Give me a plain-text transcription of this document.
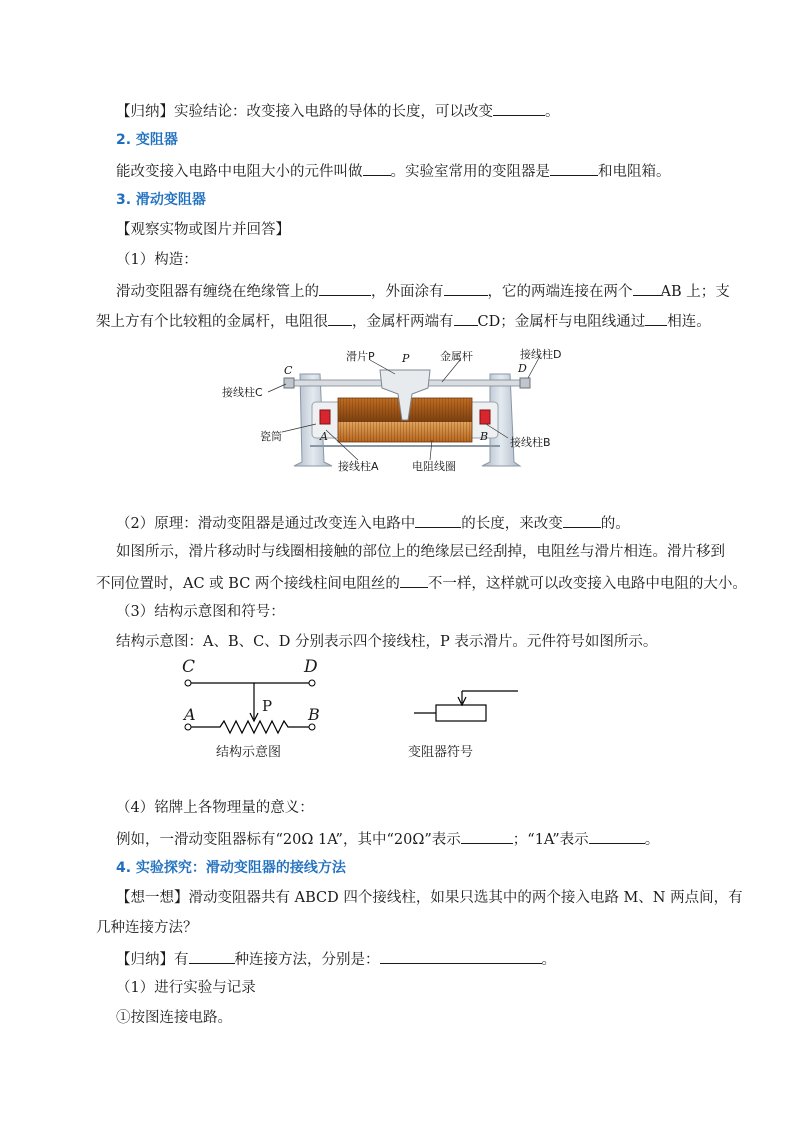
【归纳】实验结论：改变接入电路的导体的长度，可以改变	。
2. 变阻器
能改变接入电路中电阻大小的元件叫做 。实验室常用的变阻器是	和电阻箱。
3. 滑动变阻器
【观察实物或图片并回答】
（1）构造：
滑动变阻器有缠绕在绝缘管上的	，外面涂有	，它的两端连接在两个 AB 上；支
架上方有个比较粗的金属杆，电阻很 ，金属杆两端有 CD；金属杆与电阻线通过 相连。
滑片P P	金属杆	接线柱D
D
C
接线柱C
瓷筒	A	B 接线柱B
接线柱A	电阻线圈
（2）原理：滑动变阻器是通过改变连入电路中	的长度，来改变	的。
如图所示，滑片移动时与线圈相接触的部位上的绝缘层已经刮掉，电阻丝与滑片相连。滑片移到
不同位置时，AC 或 BC 两个接线柱间电阻丝的 不一样，这样就可以改变接入电路中电阻的大小。
（3）结构示意图和符号：
结构示意图：A、B、C、D 分别表示四个接线柱，P 表示滑片。元件符号如图所示。
C	D
P
A	B
结构示意图	变阻器符号
（4）铭牌上各物理量的意义：
例如，一滑动变阻器标有“20Ω 1A”，其中“20Ω”表示	；“1A”表示	。
4. 实验探究：滑动变阻器的接线方法
【想一想】滑动变阻器共有 ABCD 四个接线柱，如果只选其中的两个接入电路 M、N 两点间，有
几种连接方法？
【归纳】有	种连接方法，分别是：	。
（1）进行实验与记录
①按图连接电路。
